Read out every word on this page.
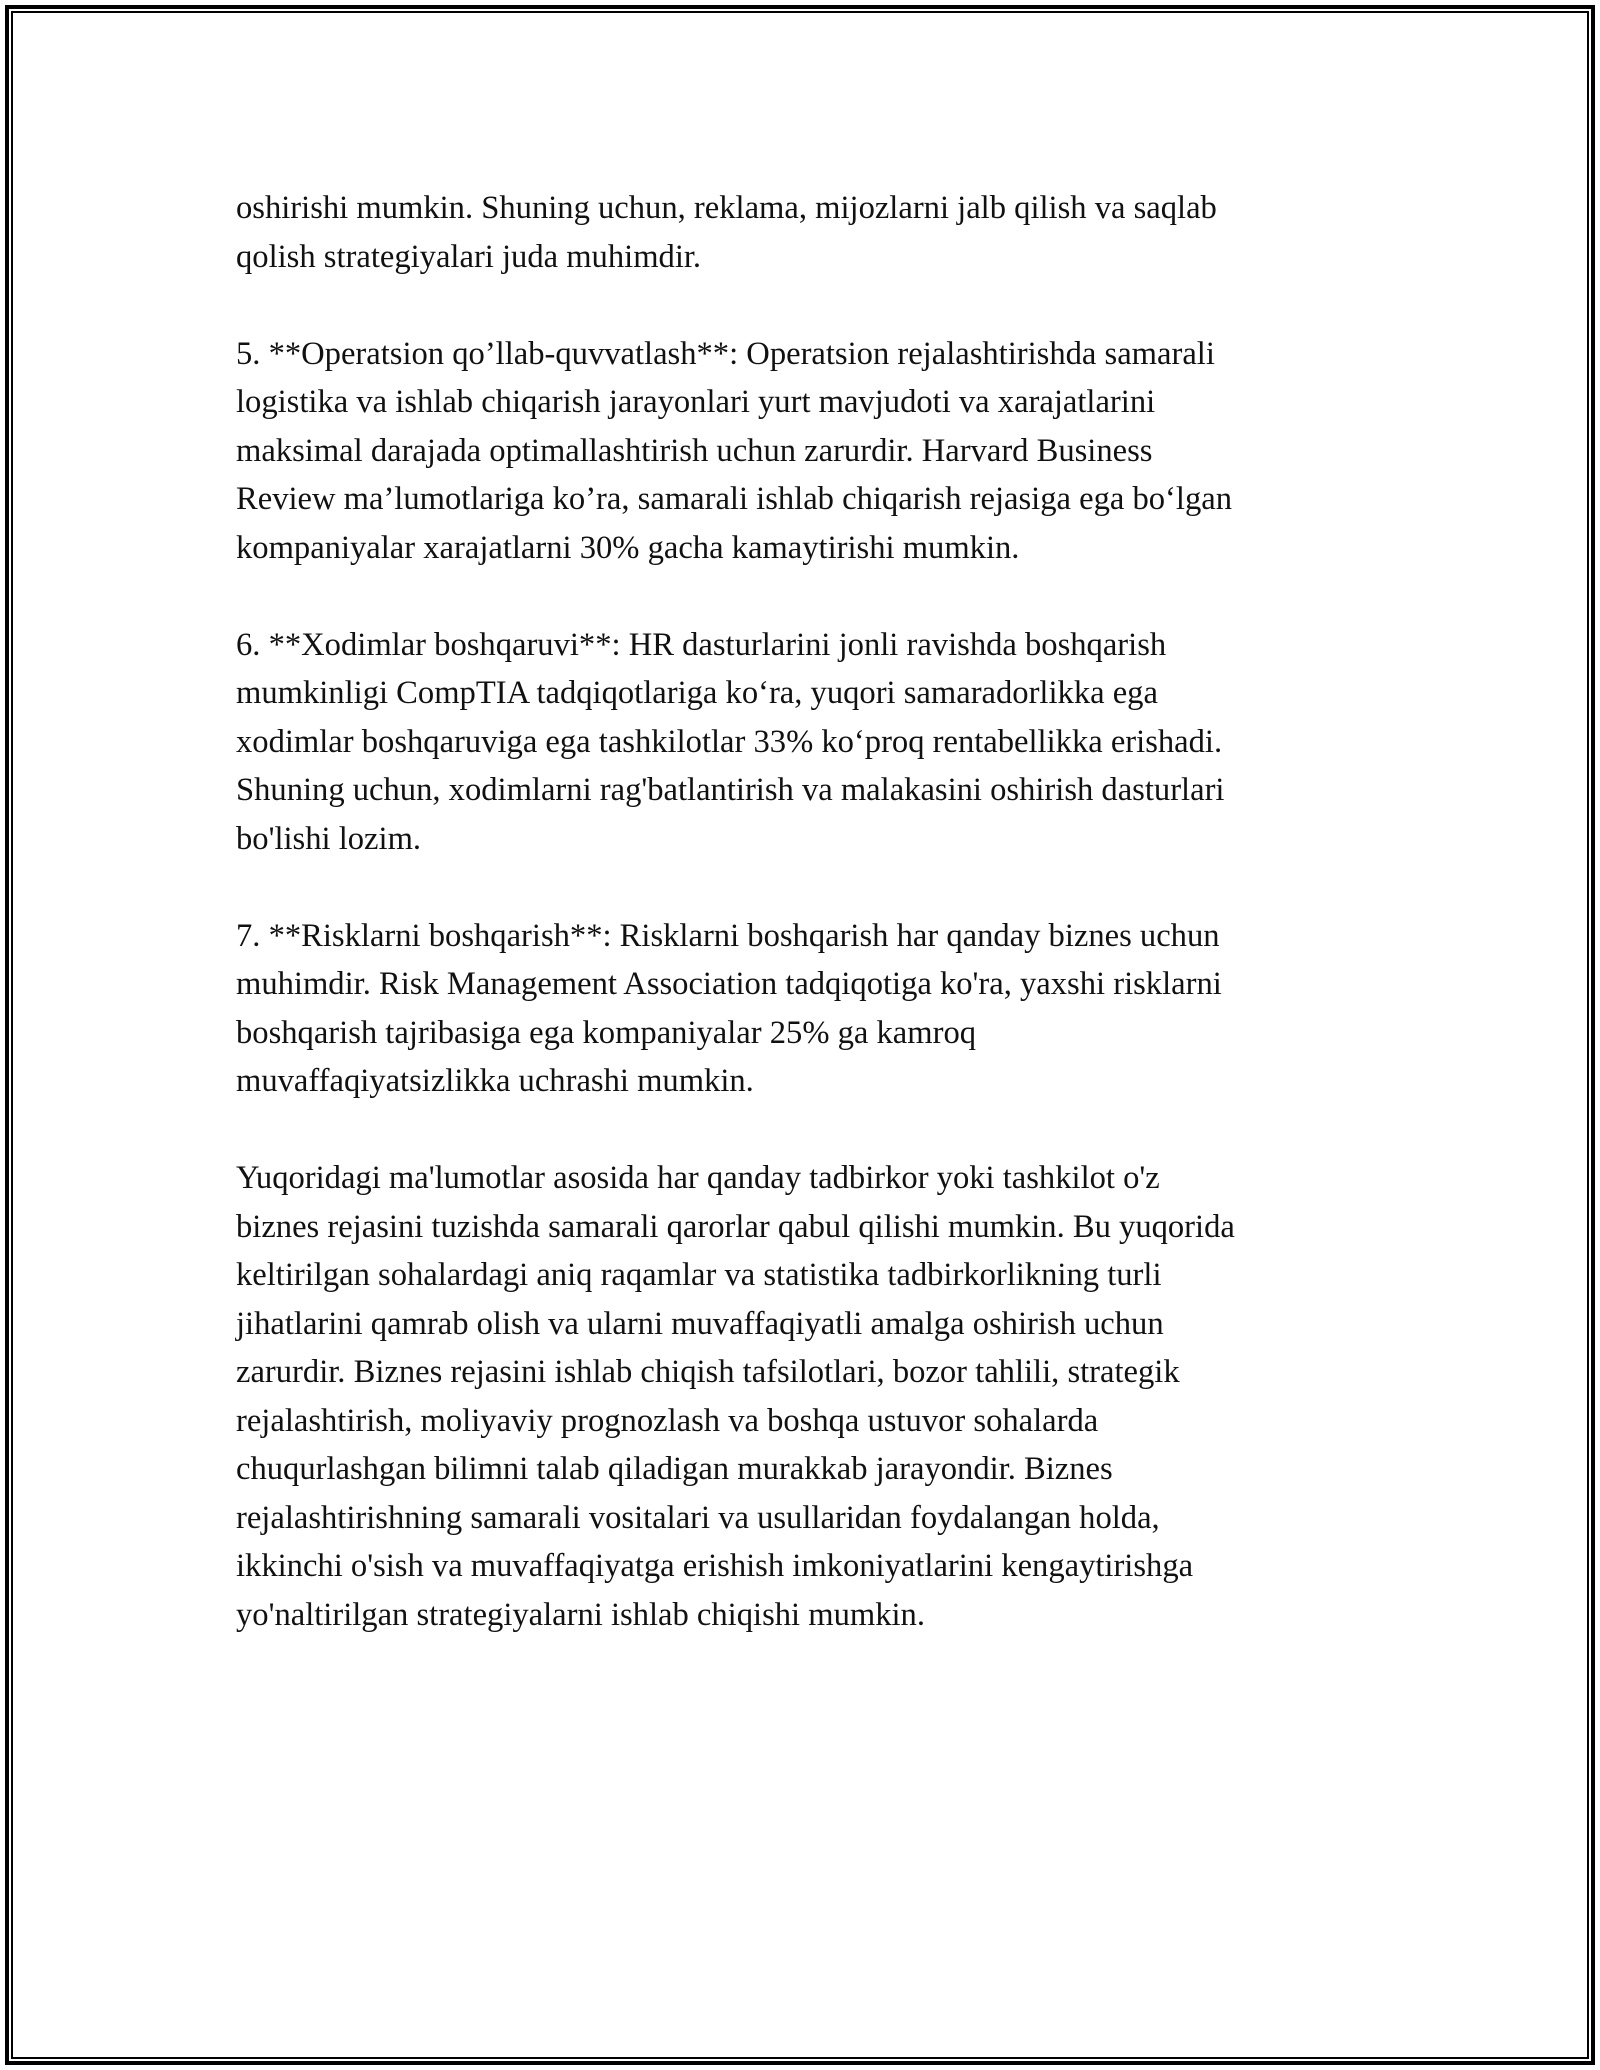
oshirishi mumkin. Shuning uchun, reklama, mijozlarni jalb qilish va saqlab
qolish strategiyalari juda muhimdir.

5. **Operatsion qo’llab-quvvatlash**: Operatsion rejalashtirishda samarali
logistika va ishlab chiqarish jarayonlari yurt mavjudoti va xarajatlarini
maksimal darajada optimallashtirish uchun zarurdir. Harvard Business
Review ma’lumotlariga ko’ra, samarali ishlab chiqarish rejasiga ega bo‘lgan
kompaniyalar xarajatlarni 30% gacha kamaytirishi mumkin.

6. **Xodimlar boshqaruvi**: HR dasturlarini jonli ravishda boshqarish
mumkinligi CompTIA tadqiqotlariga ko‘ra, yuqori samaradorlikka ega
xodimlar boshqaruviga ega tashkilotlar 33% ko‘proq rentabellikka erishadi.
Shuning uchun, xodimlarni rag'batlantirish va malakasini oshirish dasturlari
bo'lishi lozim.

7. **Risklarni boshqarish**: Risklarni boshqarish har qanday biznes uchun
muhimdir. Risk Management Association tadqiqotiga ko'ra, yaxshi risklarni
boshqarish tajribasiga ega kompaniyalar 25% ga kamroq
muvaffaqiyatsizlikka uchrashi mumkin.

Yuqoridagi ma'lumotlar asosida har qanday tadbirkor yoki tashkilot o'z
biznes rejasini tuzishda samarali qarorlar qabul qilishi mumkin. Bu yuqorida
keltirilgan sohalardagi aniq raqamlar va statistika tadbirkorlikning turli
jihatlarini qamrab olish va ularni muvaffaqiyatli amalga oshirish uchun
zarurdir. Biznes rejasini ishlab chiqish tafsilotlari, bozor tahlili, strategik
rejalashtirish, moliyaviy prognozlash va boshqa ustuvor sohalarda
chuqurlashgan bilimni talab qiladigan murakkab jarayondir. Biznes
rejalashtirishning samarali vositalari va usullaridan foydalangan holda,
ikkinchi o'sish va muvaffaqiyatga erishish imkoniyatlarini kengaytirishga
yo'naltirilgan strategiyalarni ishlab chiqishi mumkin.
